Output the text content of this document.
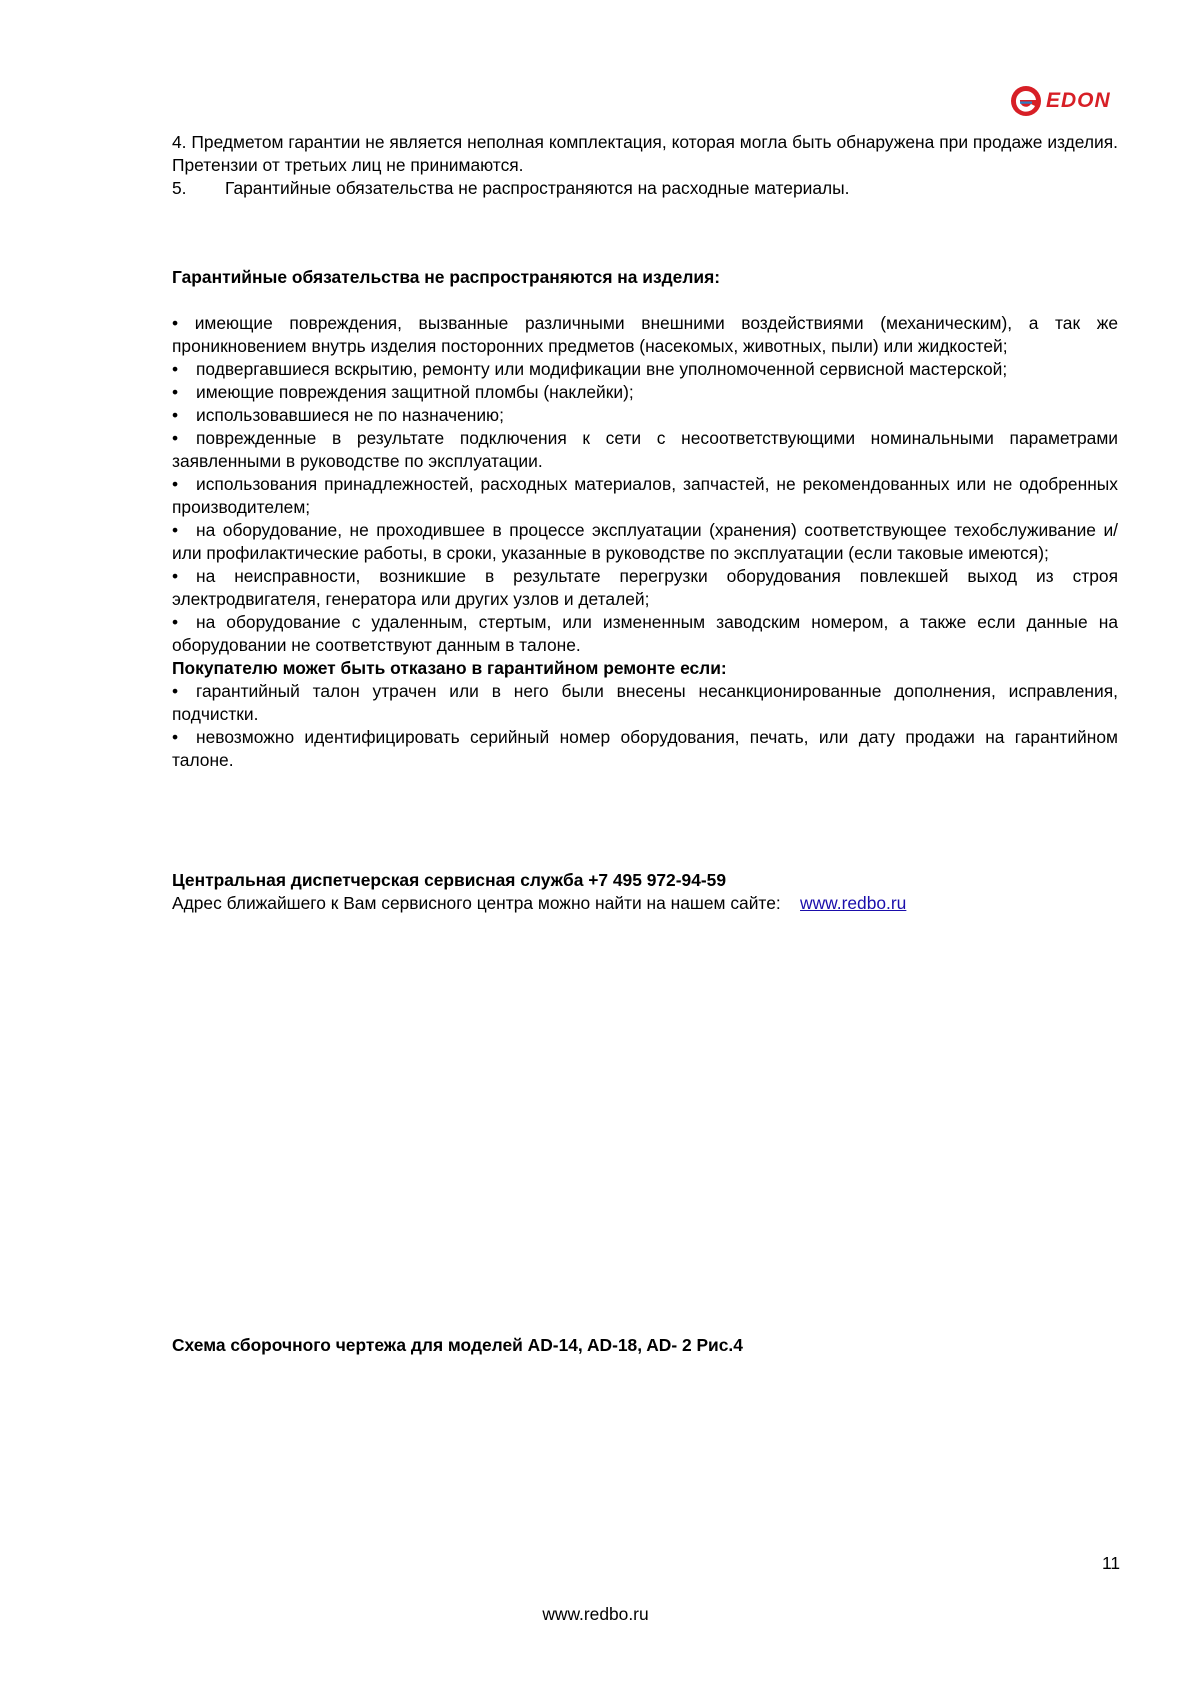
EDON

4. Предметом гарантии не является неполная комплектация, которая могла быть обнаружена при продаже изделия. Претензии от третьих лиц не принимаются.

5. Гарантийные обязательства не распространяются на расходные материалы.

Гарантийные обязательства не распространяются на изделия:

• имеющие повреждения, вызванные различными внешними воздействиями (механическим), а так же проникновением внутрь изделия посторонних предметов (насекомых, животных, пыли) или жидкостей;

• подвергавшиеся вскрытию, ремонту или модификации вне уполномоченной сервисной мастерской;

• имеющие повреждения защитной пломбы (наклейки);

• использовавшиеся не по назначению;

• поврежденные в результате подключения к сети с несоответствующими номинальными параметрами заявленными в руководстве по эксплуатации.

• использования принадлежностей, расходных материалов, запчастей, не рекомендованных или не одобренных производителем;

• на оборудование, не проходившее в процессе эксплуатации (хранения) соответствующее техобслуживание и/или профилактические работы, в сроки, указанные в руководстве по эксплуатации (если таковые имеются);

• на неисправности, возникшие в результате перегрузки оборудования повлекшей выход из строя электродвигателя, генератора или других узлов и деталей;

• на оборудование с удаленным, стертым, или измененным заводским номером, а также если данные на оборудовании не соответствуют данным в талоне.

Покупателю может быть отказано в гарантийном ремонте если:

• гарантийный талон утрачен или в него были внесены несанкционированные дополнения, исправления, подчистки.

• невозможно идентифицировать серийный номер оборудования, печать, или дату продажи на гарантийном талоне.

Центральная диспетчерская сервисная служба +7 495 972-94-59

Адрес ближайшего к Вам сервисного центра можно найти на нашем сайте: www.redbo.ru

Схема сборочного чертежа для моделей AD-14, AD-18, AD- 2 Рис.4

11
www.redbo.ru
